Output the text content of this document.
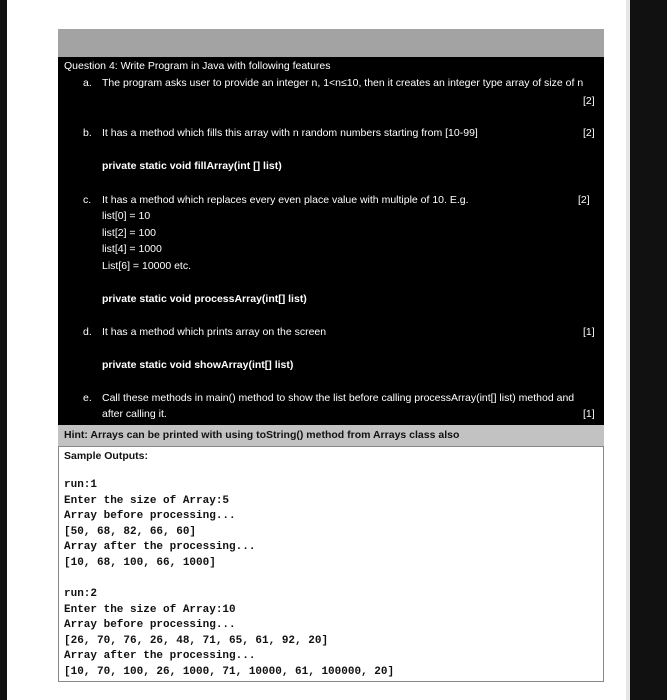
Question 4: Write Program in Java with following features
a. The program asks user to provide an integer n, 1<n≤10, then it creates an integer type array of size of n
[2]
b. It has a method which fills this array with n random numbers starting from [10-99]	[2]
private static void fillArray(int [] list)
c. It has a method which replaces every even place value with multiple of 10. E.g.	[2]
list[0] = 10
list[2] = 100
list[4] = 1000
List[6] = 10000 etc.
private static void processArray(int[] list)
d. It has a method which prints array on the screen	[1]
private static void showArray(int[] list)
e. Call these methods in main() method to show the list before calling processArray(int[] list) method and
after calling it.	[1]
Hint: Arrays can be printed with using toString() method from Arrays class also
Sample Outputs:
run:1
Enter the size of Array:5
Array before processing...
[50, 68, 82, 66, 60]
Array after the processing...
[10, 68, 100, 66, 1000]
run:2
Enter the size of Array:10
Array before processing...
[26, 70, 76, 26, 48, 71, 65, 61, 92, 20]
Array after the processing...
[10, 70, 100, 26, 1000, 71, 10000, 61, 100000, 20]
